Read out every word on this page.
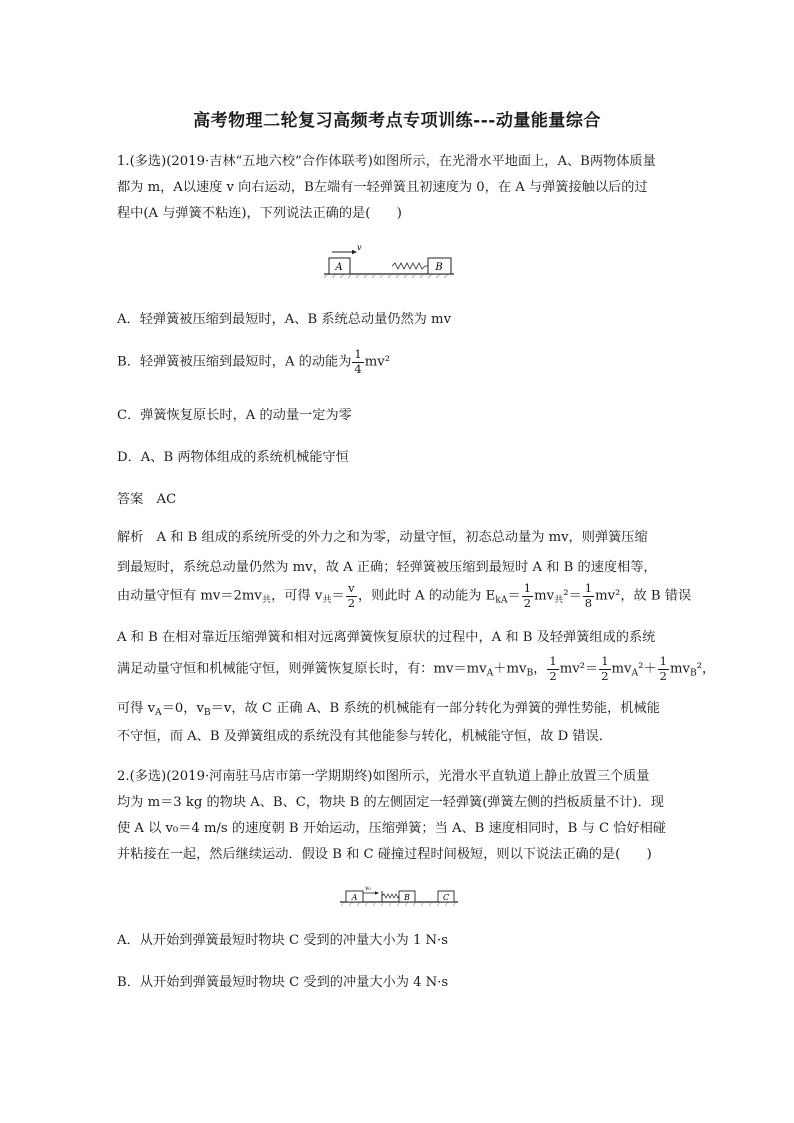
高考物理二轮复习高频考点专项训练---动量能量综合
1.(多选)(2019·吉林“五地六校”合作体联考)如图所示，在光滑水平地面上，A、B两物体质量
都为 m，A以速度 v 向右运动，B左端有一轻弹簧且初速度为 0，在 A 与弹簧接触以后的过
程中(A 与弹簧不粘连)，下列说法正确的是(　　)
A
v
B
A．轻弹簧被压缩到最短时，A、B 系统总动量仍然为 mv
B．轻弹簧被压缩到最短时，A 的动能为 $\frac{1}{4} mv^2$
C．弹簧恢复原长时，A 的动量一定为零
D．A、B 两物体组成的系统机械能守恒
答案　AC
解析　A 和 B 组成的系统所受的外力之和为零，动量守恒，初态总动量为 mv，则弹簧压缩
到最短时，系统总动量仍然为 mv，故 A 正确；轻弹簧被压缩到最短时 A 和 B 的速度相等，
由动量守恒有 $mv=2mv_共$，可得 $v_共= \frac{v}{2}$ ，则此时 A 的动能为 $E_{kA}= \frac{1}{2} mv_共^2= \frac{1}{8} mv^2$，故 B 错误
A 和 B 在相对靠近压缩弹簧和相对远离弹簧恢复原状的过程中，A 和 B 及轻弹簧组成的系统
满足动量守恒和机械能守恒，则弹簧恢复原长时，有：$mv=mv_A+mv_B$， $\frac{1}{2} mv^2= \frac{1}{2} mv_A^2+ \frac{1}{2} mv_B^2$，
可得 $v_A=0$，$v_B=v$，故 C 正确 A、B 系统的机械能有一部分转化为弹簧的弹性势能，机械能
不守恒，而 A、B 及弹簧组成的系统没有其他能参与转化，机械能守恒，故 D 错误．
2.(多选)(2019·河南驻马店市第一学期期终)如图所示，光滑水平直轨道上静止放置三个质量
均为 m＝3 kg 的物块 A、B、C，物块 B 的左侧固定一轻弹簧(弹簧左侧的挡板质量不计)．现
使 A 以 v₀＝4 m/s 的速度朝 B 开始运动，压缩弹簧；当 A、B 速度相同时，B 与 C 恰好相碰
并粘接在一起，然后继续运动．假设 B 和 C 碰撞过程时间极短，则以下说法正确的是(　　)
A
v₀
B	C
A．从开始到弹簧最短时物块 C 受到的冲量大小为 1 N·s
B．从开始到弹簧最短时物块 C 受到的冲量大小为 4 N·s
